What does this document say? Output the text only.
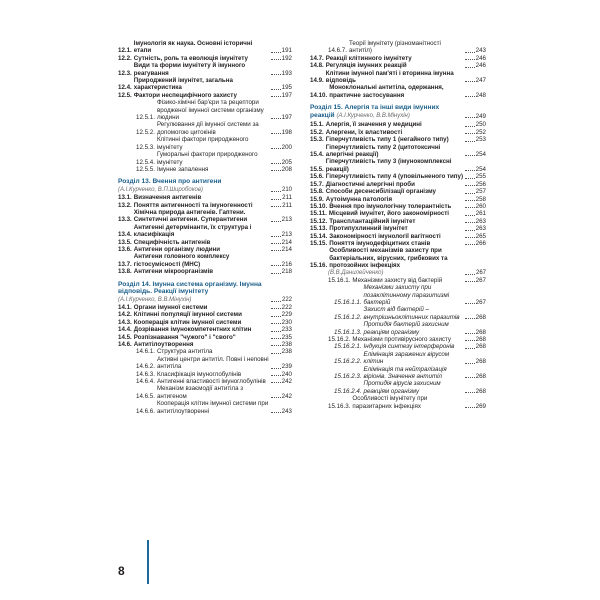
12.1.
Імунологія як наука. Основні історичні етапи	191
12.2. Сутність, роль та еволюція імунітету	192
12.3.
Види та форми імунітету й імунного реагування	193
12.4.
Природжений імунітет, загальна характеристика	195
12.5. Фактори неспецифічного захисту	197
12.5.1.
Фізико-хімічні бар'єри та рецептори вродженої імунної системи організму людини	197
12.5.2.
Регулювання дії імунної системи за допомогою цитокінів	198
12.5.3.
Клітинні фактори природженого імунітету	200
12.5.4.
Гуморальні фактори природженого імунітету	205
12.5.5. Імунне запалення	208
Розділ 13. Вчення про антигени
(А.І.Курченко, В.П.Широбоков)	210
13.1. Визначення антигенів	211
13.2. Поняття антигенності та імуногенності	211
13.3.
Хімічна природа антигенів. Гаптени. Синтетичні антигени. Суперантигени	213
13.4.
Антигенні детермінанти, їх структура і класифікація	213
13.5. Специфічність антигенів	214
13.6. Антигени організму людини	214
13.7.
Антигени головного комплексу гістосумісності (МНС)	216
13.8. Антигени мікроорганізмів	218
Розділ 14. Імунна система організму. Імунна відповідь. Реакції імунітету
(А.І.Курченко, В.В.Мінухін)	222
14.1. Органи імунної системи	222
14.2. Клітинні популяції імунної системи	229
14.3. Кооперація клітин імунної системи	230
14.4. Дозрівання імунокомпетентних клітин	233
14.5. Розпізнавання "чужого" і "свого"	235
14.6. Антитілоутворення	238
14.6.1. Структура антитіла	238
14.6.2.
Активні центри антитіл. Повні і неповні антитіла	239
14.6.3. Класифікація імуноглобулінів	240
14.6.4. Антигенні властивості імуноглобулінів	242
14.6.5.
Механізм взаємодії антитіла з антигеном	242
14.6.6.
Кооперація клітин імунної системи при антитілоутворенні	243
14.6.7.
Теорії імунітету (різноманітності антитіл)	243
14.7. Реакції клітинного імунітету	246
14.8. Регуляція імунних реакцій	246
14.9.
Клітини імунної пам'яті і вторинна імунна відповідь	247
14.10.
Моноклональні антитіла, одержання, практичне застосування	248
Розділ 15. Алергія та інші види імунних реакцій (А.І.Курченко, В.В.Мінухін)	249
15.1. Алергія, її значення у медицині	250
15.2. Алергени, їх властивості	252
15.3. Гіперчутливість типу 1 (негайного типу)	253
15.4.
Гіперчутливість типу 2 (цитотоксичні алергічні реакції)	254
15.5.
Гіперчутливість типу 3 (імунокомплексні реакції)	254
15.6. Гіперчутливість типу 4 (уповільненого типу) 255
15.7. Діагностичні алергічні проби	256
15.8. Способи десенсибілізації організму	257
15.9. Аутоімунна патологія	258
15.10. Вчення про імунологічну толерантність	260
15.11. Місцевий імунітет, його закономірності	261
15.12. Трансплантаційний імунітет	263
15.13. Протипухлинний імунітет	263
15.14. Закономірності імунології вагітності	265
15.15. Поняття імунодефіцитних станів	266
15.16.
Особливості механізмів захисту при бактеріальних, вірусних, грибкових та протозойних інфекціях
(В.В.Данилейченко)	267
15.16.1. Механізми захисту від бактерій	267
15.16.1.1.
Механізми захисту при позаклітинному паразитизмі бактерій	267
15.16.1.2.
Захист від бактерій – внутрішньоклітинних паразитів	268
15.16.1.3.
Протидія бактерій захисним реакціям організму	268
15.16.2. Механізми противірусного захисту	268
15.16.2.1. Індукція синтезу інтерферонів	268
15.16.2.2.
Елімінація заражених вірусом клітин	268
15.16.2.3.
Елімінація та нейтралізація віріонів. Значення антитіл	268
15.16.2.4.
Протидія вірусів захисним реакціям організму	268
15.16.3.
Особливості імунітету при паразитарних інфекціях	269
8
